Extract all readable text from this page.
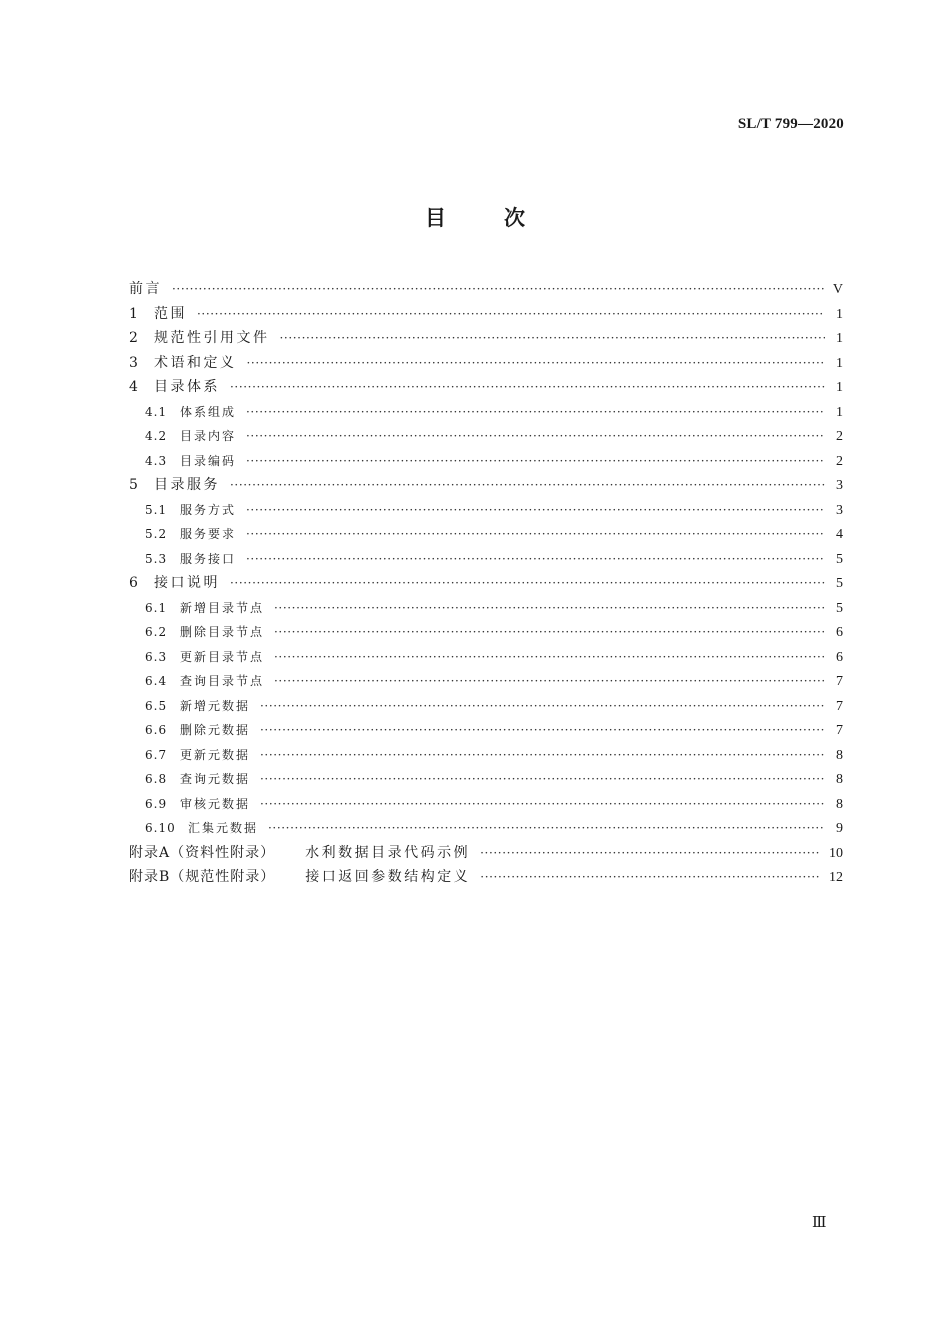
SL/T 799—2020
目次
前言 ·····	V
1	范围 ·····	1
2	规范性引用文件 ·····	1
3	术语和定义 ·····	1
4	目录体系 ·····	1
4.1	体系组成 ·····	1
4.2	目录内容 ·····	2
4.3	目录编码 ·····	2
5	目录服务 ·····	3
5.1	服务方式 ·····	3
5.2	服务要求 ·····	4
5.3	服务接口 ·····	5
6	接口说明 ·····	5
6.1	新增目录节点 ·····	5
6.2	删除目录节点 ·····	6
6.3	更新目录节点 ·····	6
6.4	查询目录节点 ·····	7
6.5	新增元数据 ·····	7
6.6	删除元数据 ·····	7
6.7	更新元数据 ·····	8
6.8	查询元数据 ·····	8
6.9	审核元数据 ·····	8
6.10	汇集元数据 ·····	9
附录A（资料性附录） 水利数据目录代码示例 ·····	10
附录B（规范性附录） 接口返回参数结构定义 ·····	12
Ⅲ
